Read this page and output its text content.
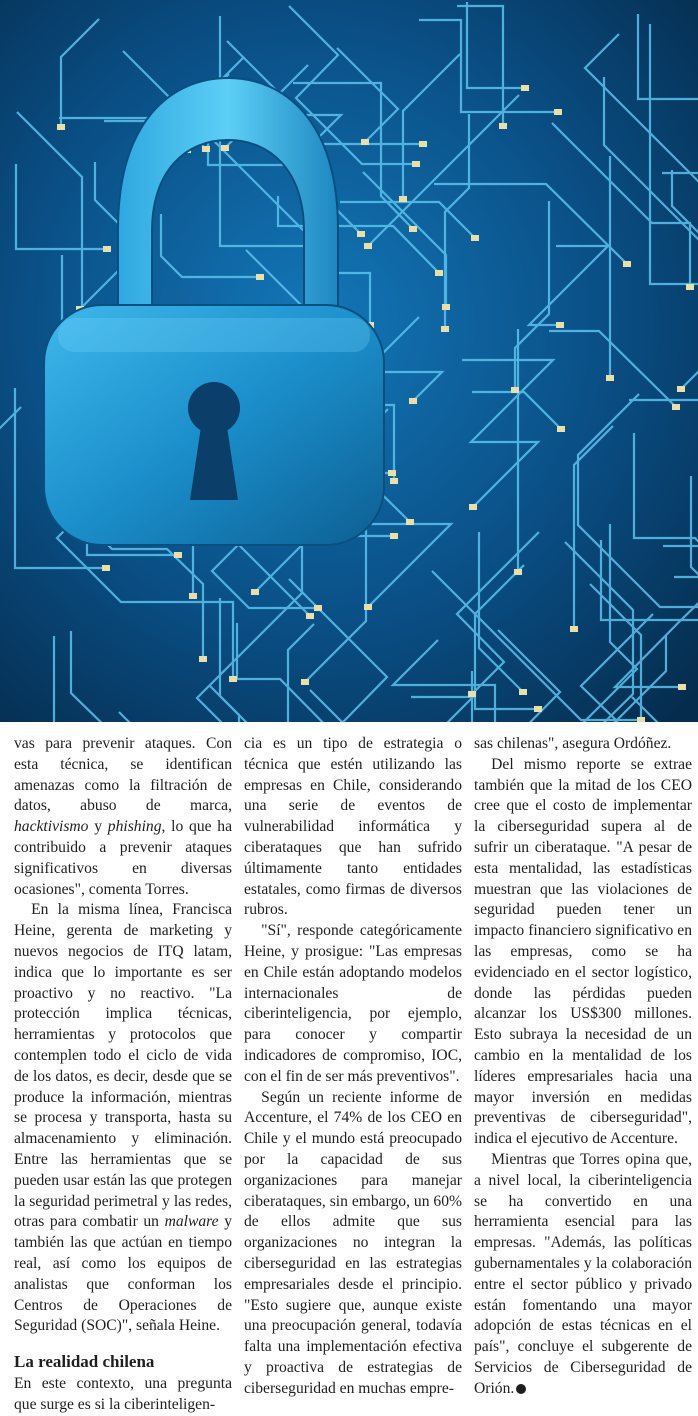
vas para prevenir ataques. Con esta técnica, se identifican amenazas como la filtración de datos, abuso de marca, hacktivismo y phishing, lo que ha contribuido a prevenir ataques significativos en diversas ocasiones", comenta Torres.

En la misma línea, Francisca Heine, gerenta de marketing y nuevos negocios de ITQ latam, indica que lo importante es ser proactivo y no reactivo. "La protección implica técnicas, herramientas y protocolos que contemplen todo el ciclo de vida de los datos, es decir, desde que se produce la información, mientras se procesa y transporta, hasta su almacenamiento y eliminación. Entre las herramientas que se pueden usar están las que protegen la seguridad perimetral y las redes, otras para combatir un malware y también las que actúan en tiempo real, así como los equipos de analistas que conforman los Centros de Operaciones de Seguridad (SOC)", señala Heine.

La realidad chilena

En este contexto, una pregunta que surge es si la ciberinteligen-

cia es un tipo de estrategia o técnica que estén utilizando las empresas en Chile, considerando una serie de eventos de vulnerabilidad informática y ciberataques que han sufrido últimamente tanto entidades estatales, como firmas de diversos rubros.

"Sí", responde categóricamente Heine, y prosigue: "Las empresas en Chile están adoptando modelos internacionales de ciberinteligencia, por ejemplo, para conocer y compartir indicadores de compromiso, IOC, con el fin de ser más preventivos".

Según un reciente informe de Accenture, el 74% de los CEO en Chile y el mundo está preocupado por la capacidad de sus organizaciones para manejar ciberataques, sin embargo, un 60% de ellos admite que sus organizaciones no integran la ciberseguridad en las estrategias empresariales desde el principio. "Esto sugiere que, aunque existe una preocupación general, todavía falta una implementación efectiva y proactiva de estrategias de ciberseguridad en muchas empre-

sas chilenas", asegura Ordóñez.

Del mismo reporte se extrae también que la mitad de los CEO cree que el costo de implementar la ciberseguridad supera al de sufrir un ciberataque. "A pesar de esta mentalidad, las estadísticas muestran que las violaciones de seguridad pueden tener un impacto financiero significativo en las empresas, como se ha evidenciado en el sector logístico, donde las pérdidas pueden alcanzar los US$300 millones. Esto subraya la necesidad de un cambio en la mentalidad de los líderes empresariales hacia una mayor inversión en medidas preventivas de ciberseguridad", indica el ejecutivo de Accenture.

Mientras que Torres opina que, a nivel local, la ciberinteligencia se ha convertido en una herramienta esencial para las empresas. "Además, las políticas gubernamentales y la colaboración entre el sector público y privado están fomentando una mayor adopción de estas técnicas en el país", concluye el subgerente de Servicios de Ciberseguridad de Orión.	P
